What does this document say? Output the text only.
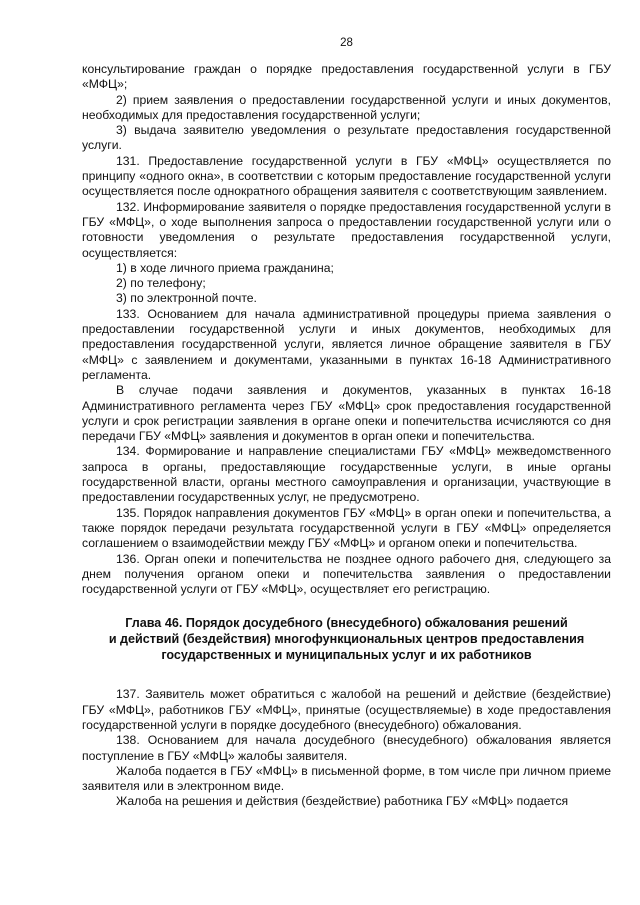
28

консультирование граждан о порядке предоставления государственной услуги в ГБУ «МФЦ»;

2) прием заявления о предоставлении государственной услуги и иных документов, необходимых для предоставления государственной услуги;

3) выдача заявителю уведомления о результате предоставления государственной услуги.

131. Предоставление государственной услуги в ГБУ «МФЦ» осуществляется по принципу «одного окна», в соответствии с которым предоставление государственной услуги осуществляется после однократного обращения заявителя с соответствующим заявлением.

132. Информирование заявителя о порядке предоставления государственной услуги в ГБУ «МФЦ», о ходе выполнения запроса о предоставлении государственной услуги или о готовности уведомления о результате предоставления государственной услуги, осуществляется:

1) в ходе личного приема гражданина;

2) по телефону;

3) по электронной почте.

133. Основанием для начала административной процедуры приема заявления о предоставлении государственной услуги и иных документов, необходимых для предоставления государственной услуги, является личное обращение заявителя в ГБУ «МФЦ» с заявлением и документами, указанными в пунктах 16-18 Административного регламента.

В случае подачи заявления и документов, указанных в пунктах 16-18 Административного регламента через ГБУ «МФЦ» срок предоставления государственной услуги и срок регистрации заявления в органе опеки и попечительства исчисляются со дня передачи ГБУ «МФЦ» заявления и документов в орган опеки и попечительства.

134. Формирование и направление специалистами ГБУ «МФЦ» межведомственного запроса в органы, предоставляющие государственные услуги, в иные органы государственной власти, органы местного самоуправления и организации, участвующие в предоставлении государственных услуг, не предусмотрено.

135. Порядок направления документов ГБУ «МФЦ» в орган опеки и попечительства, а также порядок передачи результата государственной услуги в ГБУ «МФЦ» определяется соглашением о взаимодействии между ГБУ «МФЦ» и органом опеки и попечительства.

136. Орган опеки и попечительства не позднее одного рабочего дня, следующего за днем получения органом опеки и попечительства заявления о предоставлении государственной услуги от ГБУ «МФЦ», осуществляет его регистрацию.

Глава 46. Порядок досудебного (внесудебного) обжалования решений
и действий (бездействия) многофункциональных центров предоставления
государственных и муниципальных услуг и их работников

137. Заявитель может обратиться с жалобой на решений и действие (бездействие) ГБУ «МФЦ», работников ГБУ «МФЦ», принятые (осуществляемые) в ходе предоставления государственной услуги в порядке досудебного (внесудебного) обжалования.

138. Основанием для начала досудебного (внесудебного) обжалования является поступление в ГБУ «МФЦ» жалобы заявителя.

Жалоба подается в ГБУ «МФЦ» в письменной форме, в том числе при личном приеме заявителя или в электронном виде.

Жалоба на решения и действия (бездействие) работника ГБУ «МФЦ» подается
